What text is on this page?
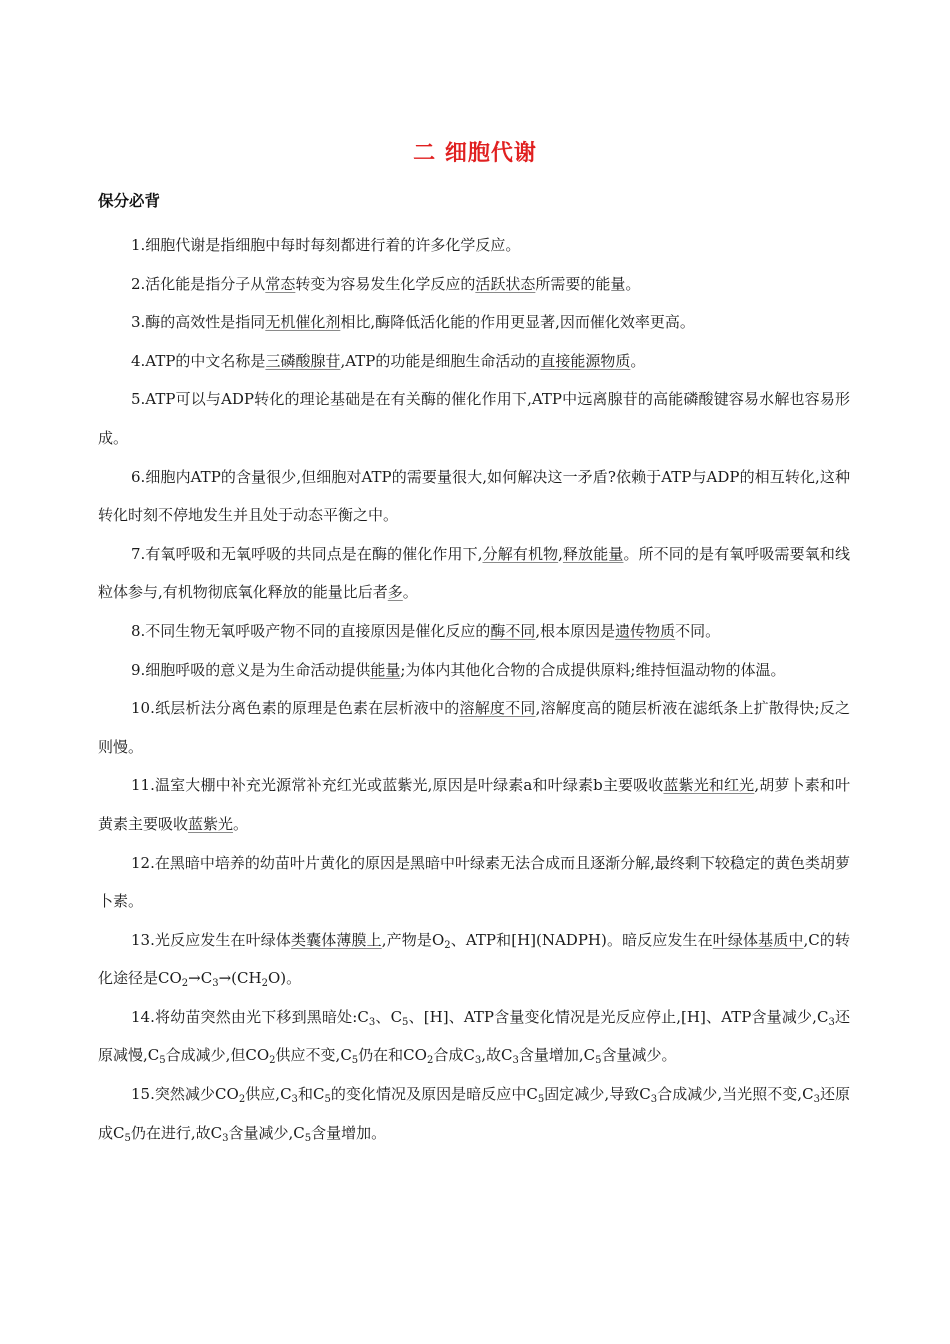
二 细胞代谢
保分必背

1.细胞代谢是指细胞中每时每刻都进行着的许多化学反应。

2.活化能是指分子从常态转变为容易发生化学反应的活跃状态所需要的能量。

3.酶的高效性是指同无机催化剂相比,酶降低活化能的作用更显著,因而催化效率更高。

4.ATP的中文名称是三磷酸腺苷,ATP的功能是细胞生命活动的直接能源物质。

5.ATP可以与ADP转化的理论基础是在有关酶的催化作用下,ATP中远离腺苷的高能磷酸键容易水解也容易形成。

6.细胞内ATP的含量很少,但细胞对ATP的需要量很大,如何解决这一矛盾?依赖于ATP与ADP的相互转化,这种转化时刻不停地发生并且处于动态平衡之中。

7.有氧呼吸和无氧呼吸的共同点是在酶的催化作用下,分解有机物,释放能量。所不同的是有氧呼吸需要氧和线粒体参与,有机物彻底氧化释放的能量比后者多。

8.不同生物无氧呼吸产物不同的直接原因是催化反应的酶不同,根本原因是遗传物质不同。

9.细胞呼吸的意义是为生命活动提供能量;为体内其他化合物的合成提供原料;维持恒温动物的体温。

10.纸层析法分离色素的原理是色素在层析液中的溶解度不同,溶解度高的随层析液在滤纸条上扩散得快;反之则慢。

11.温室大棚中补充光源常补充红光或蓝紫光,原因是叶绿素a和叶绿素b主要吸收蓝紫光和红光,胡萝卜素和叶黄素主要吸收蓝紫光。

12.在黑暗中培养的幼苗叶片黄化的原因是黑暗中叶绿素无法合成而且逐渐分解,最终剩下较稳定的黄色类胡萝卜素。

13.光反应发生在叶绿体类囊体薄膜上,产物是$O_2$、ATP和[H](NADPH)。暗反应发生在叶绿体基质中,C的转化途径是$CO_2\to C_3\to(CH_2O)$。

14.将幼苗突然由光下移到黑暗处$:C_3$、$C_5$、[H]、ATP含量变化情况是光反应停止,[H]、ATP含量减少$,C_3$还原减慢$,C_5$合成减少,但$CO_2$供应不变$,C_5$仍在和$CO_2$合成$C_3$,故$C_3$含量增加$,C_5$含量减少。

15.突然减少$CO_2$供应$,C_3$和$C_5$的变化情况及原因是暗反应中$C_5$固定减少,导致$C_3$合成减少,当光照不变$,C_3$还原成$C_5$仍在进行,故$C_3$含量减少$,C_5$含量增加。
